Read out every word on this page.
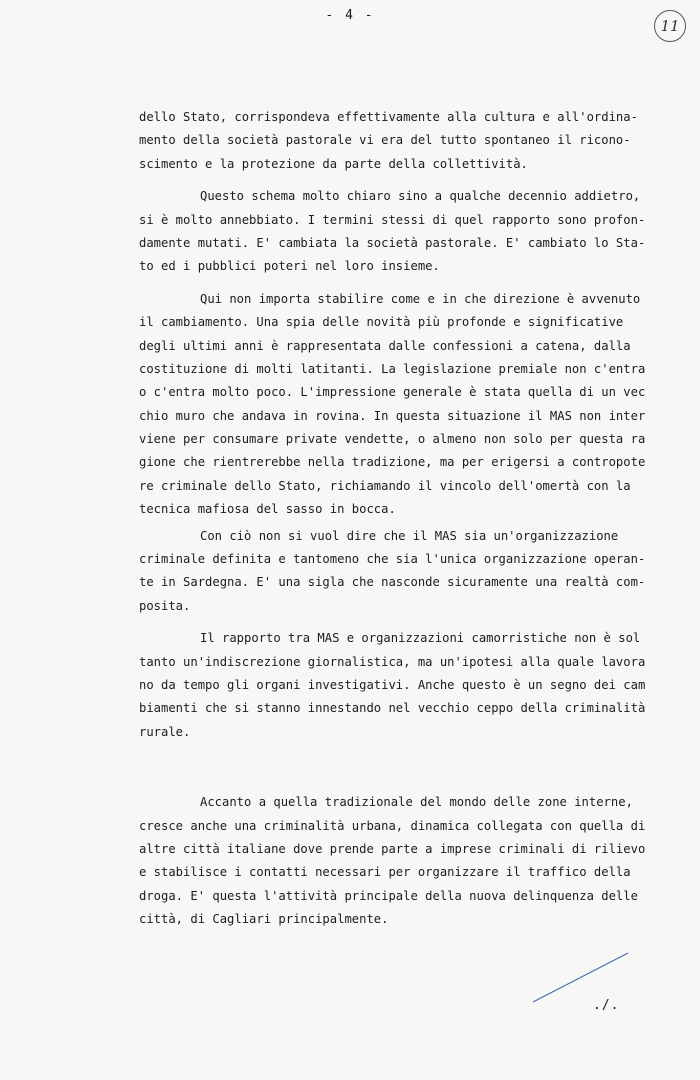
- 4 -
11
dello Stato, corrispondeva effettivamente alla cultura e all'ordina-
mento della società pastorale vi era del tutto spontaneo il ricono-
scimento e la protezione da parte della collettività.
Questo schema molto chiaro sino a qualche decennio addietro,
si è molto annebbiato. I termini stessi di quel rapporto sono profon-
damente mutati. E' cambiata la società pastorale. E' cambiato lo Sta-
to ed i pubblici poteri nel loro insieme.
Qui non importa stabilire come e in che direzione è avvenuto
il cambiamento. Una spia delle novità più profonde e significative
degli ultimi anni è rappresentata dalle confessioni a catena, dalla
costituzione di molti latitanti. La legislazione premiale non c'entra
o c'entra molto poco. L'impressione generale è stata quella di un vec
chio muro che andava in rovina. In questa situazione il MAS non inter
viene per consumare private vendette, o almeno non solo per questa ra
gione che rientrerebbe nella tradizione, ma per erigersi a contropote
re criminale dello Stato, richiamando il vincolo dell'omertà con la
tecnica mafiosa del sasso in bocca.
Con ciò non si vuol dire che il MAS sia un'organizzazione
criminale definita e tantomeno che sia l'unica organizzazione operan-
te in Sardegna. E' una sigla che nasconde sicuramente una realtà com-
posita.
Il rapporto tra MAS e organizzazioni camorristiche non è sol
tanto un'indiscrezione giornalistica, ma un'ipotesi alla quale lavora
no da tempo gli organi investigativi. Anche questo è un segno dei cam
biamenti che si stanno innestando nel vecchio ceppo della criminalità
rurale.
Accanto a quella tradizionale del mondo delle zone interne,
cresce anche una criminalità urbana, dinamica collegata con quella di
altre città italiane dove prende parte a imprese criminali di rilievo
e stabilisce i contatti necessari per organizzare il traffico della
droga. E' questa l'attività principale della nuova delinquenza delle
città, di Cagliari principalmente.
./.
